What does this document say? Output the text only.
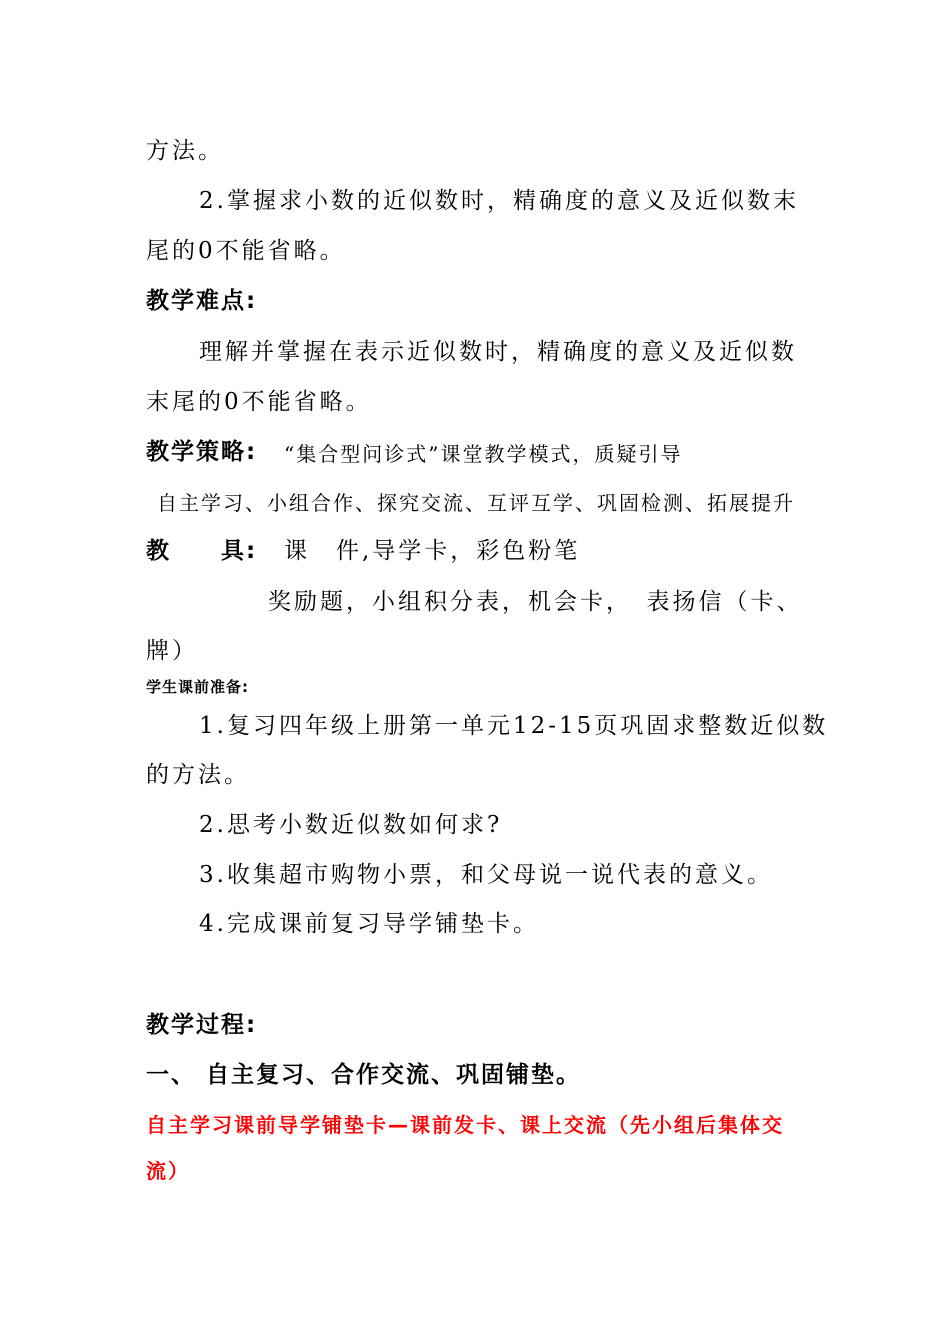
方法。
2.掌握求小数的近似数时，精确度的意义及近似数末
尾的0不能省略。
教学难点:
理解并掌握在表示近似数时，精确度的意义及近似数
末尾的0不能省略。
教学策略: “集合型问诊式”课堂教学模式，质疑引导
自主学习、小组合作、探究交流、互评互学、巩固检测、拓展提升
教　　具: 课　件,导学卡，彩色粉笔
奖励题，小组积分表，机会卡，　表扬信（卡、
牌）
学生课前准备:
1.复习四年级上册第一单元12-15页巩固求整数近似数
的方法。
2.思考小数近似数如何求?
3.收集超市购物小票，和父母说一说代表的意义。
4.完成课前复习导学铺垫卡。
教学过程:
一、 自主复习、合作交流、巩固铺垫。
自主学习课前导学铺垫卡—课前发卡、课上交流（先小组后集体交
流）
